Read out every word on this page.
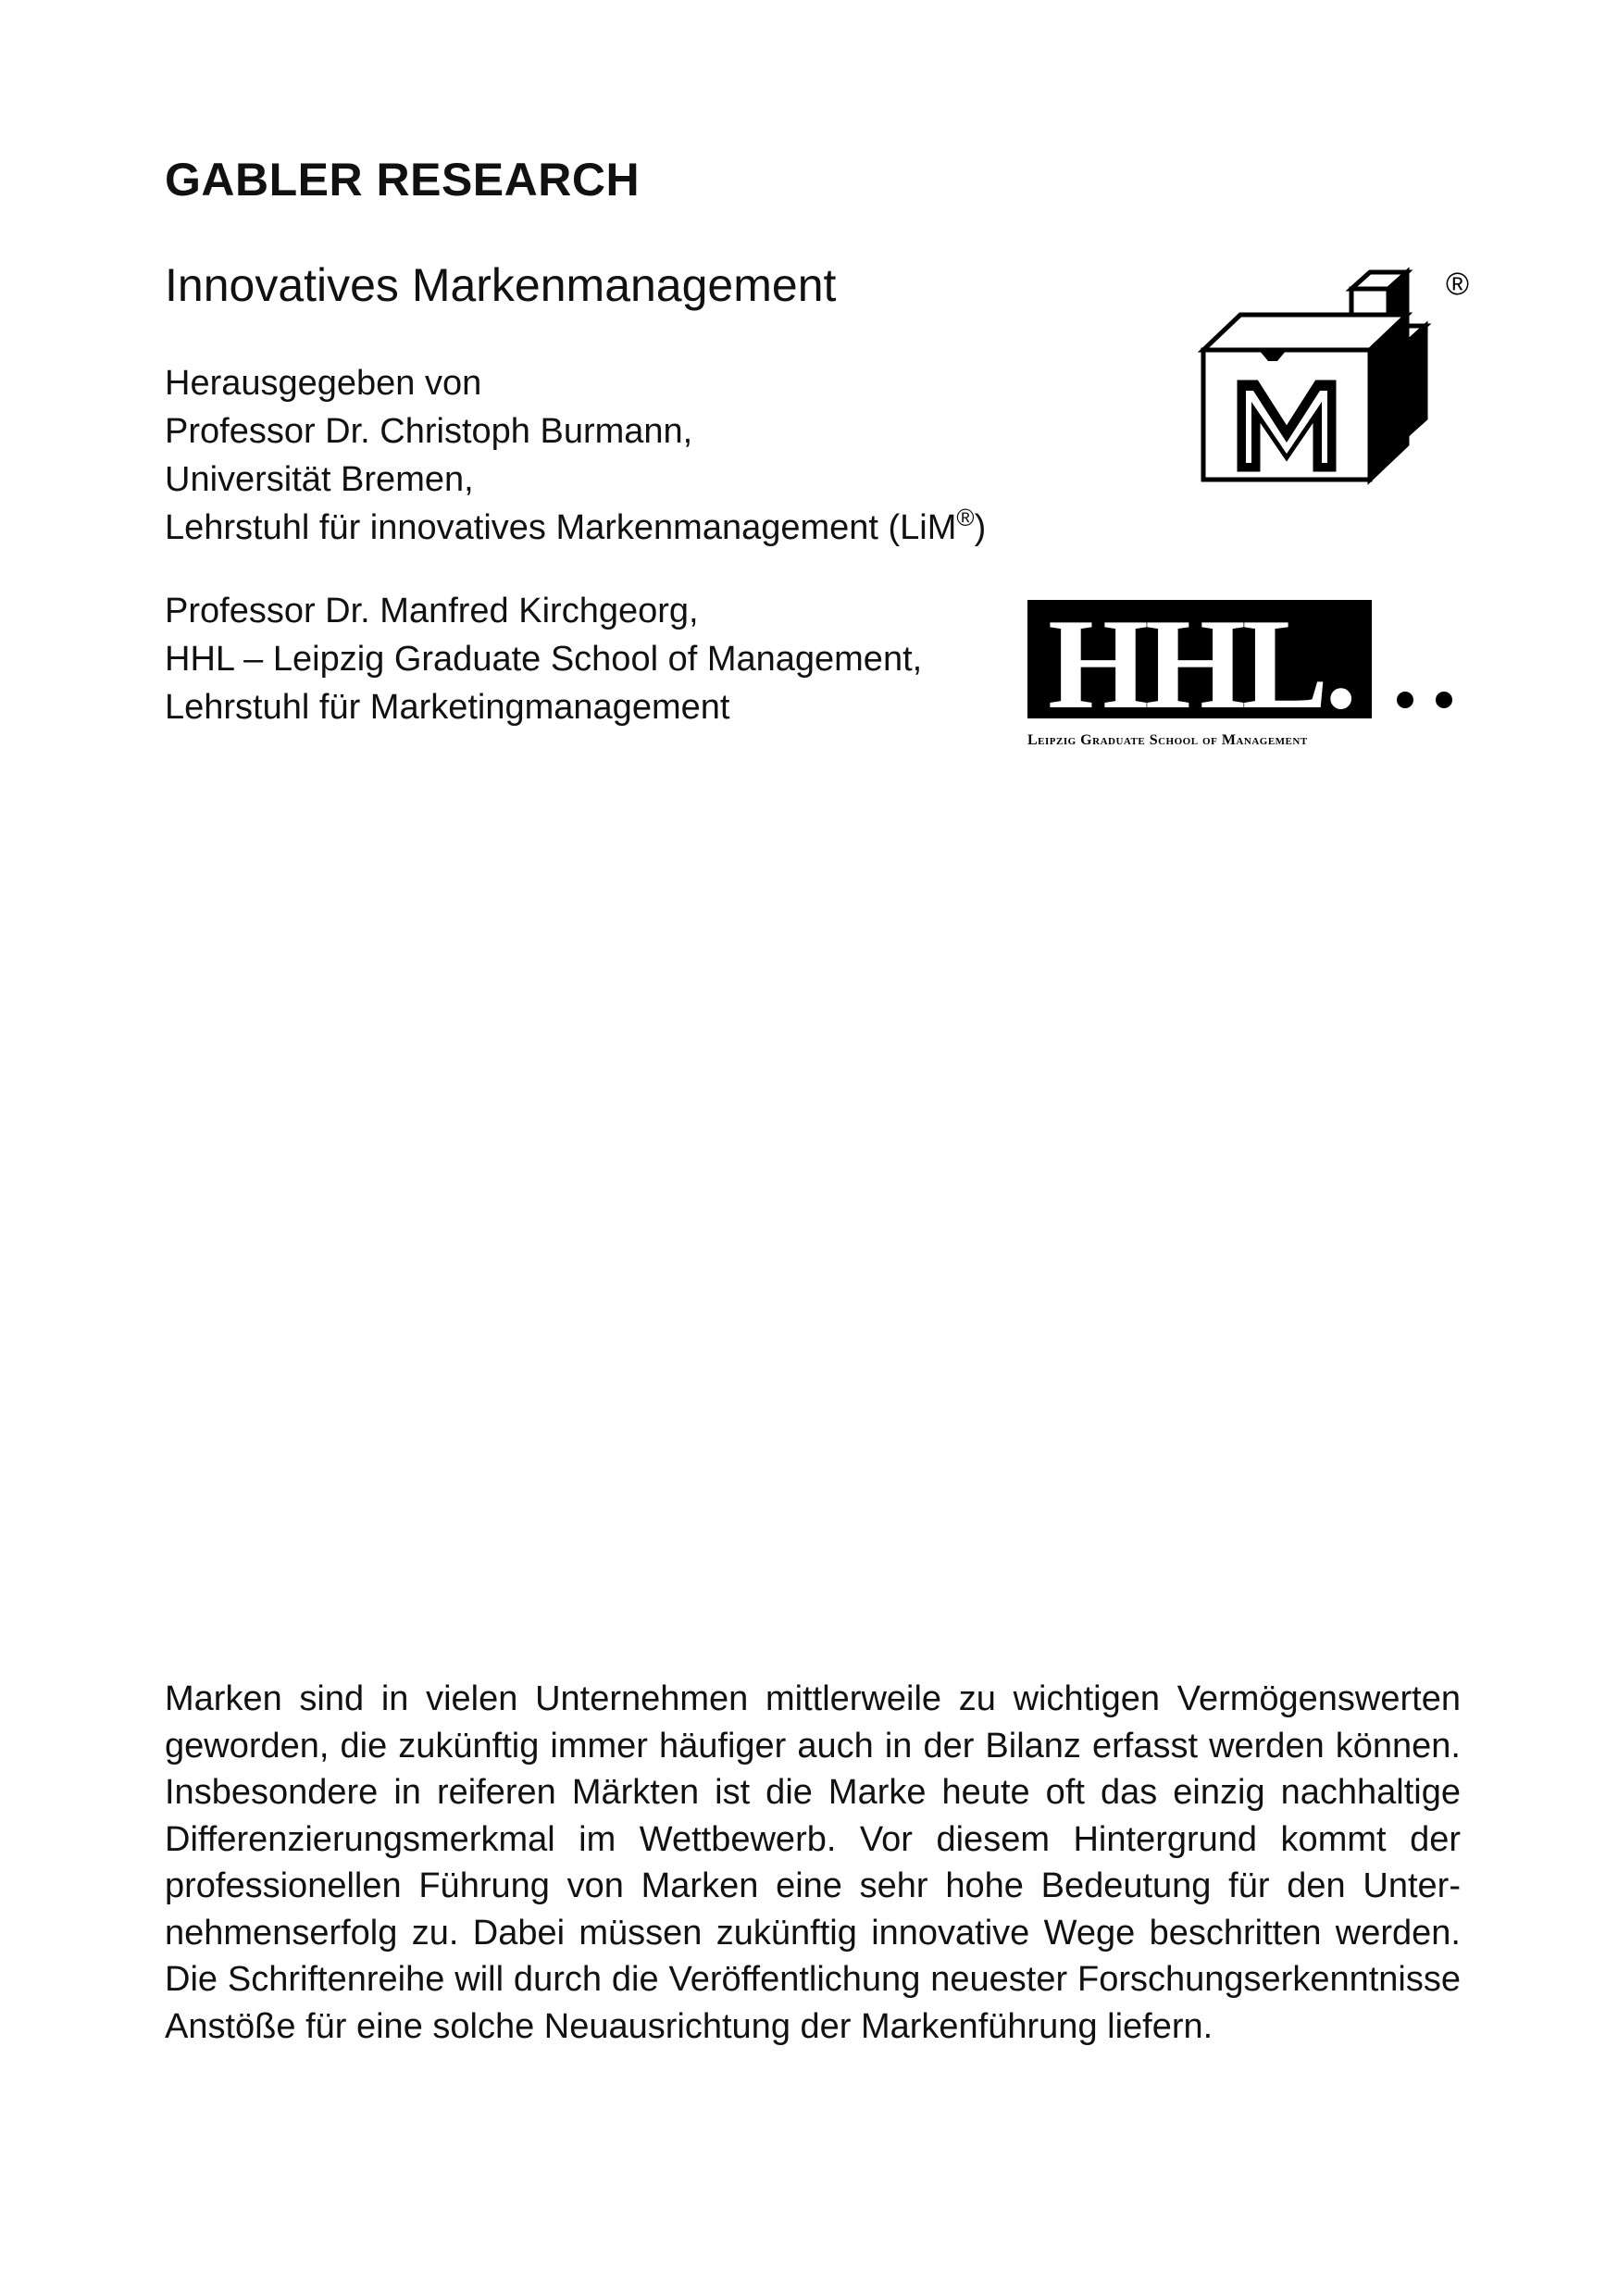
GABLER RESEARCH
Innovatives Markenmanagement
Herausgegeben von
Professor Dr. Christoph Burmann,
Universität Bremen,
Lehrstuhl für innovatives Markenmanagement (LiM®)
Professor Dr. Manfred Kirchgeorg,
HHL – Leipzig Graduate School of Management,
Lehrstuhl für Marketingmanagement
®
HHL.
Leipzig Graduate School of Management

Marken sind in vielen Unternehmen mittlerweile zu wichtigen Vermögenswerten geworden, die zukünftig immer häufiger auch in der Bilanz erfasst werden können. Insbesondere in reiferen Märkten ist die Marke heute oft das einzig nachhaltige Differenzierungsmerkmal im Wettbewerb. Vor diesem Hintergrund kommt der professionellen Führung von Marken eine sehr hohe Bedeutung für den Unternehmenserfolg zu. Dabei müssen zukünftig innovative Wege beschritten werden. Die Schriftenreihe will durch die Veröffentlichung neuester Forschungserkenntnisse Anstöße für eine solche Neuausrichtung der Markenführung liefern.
